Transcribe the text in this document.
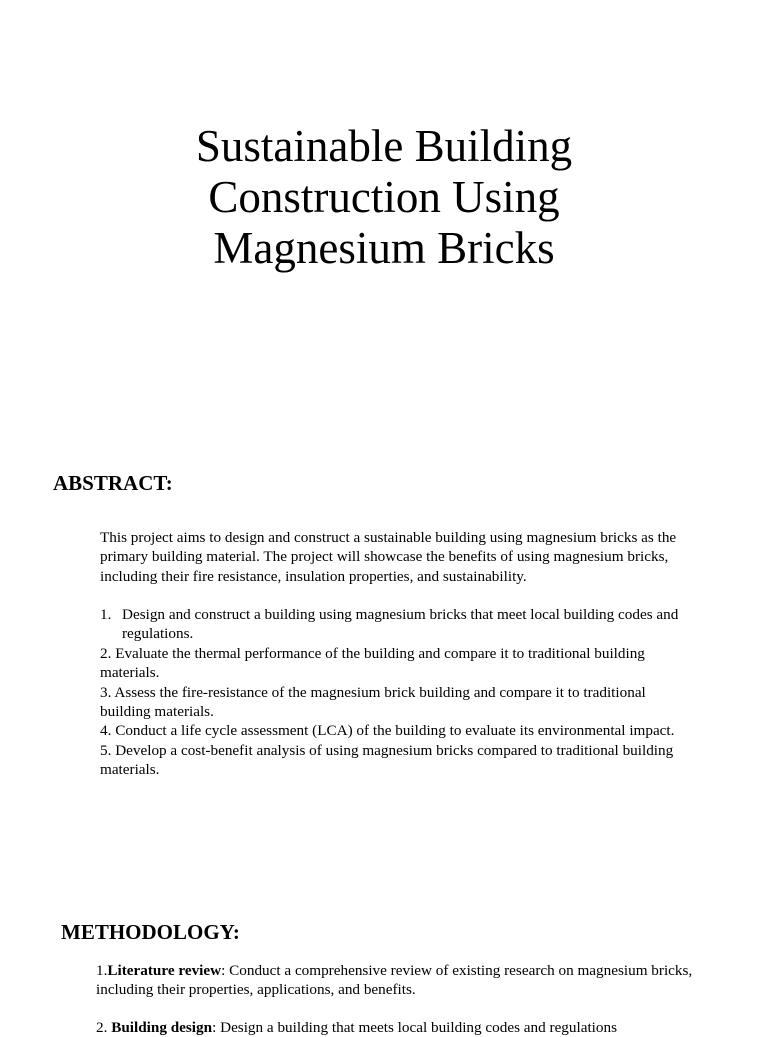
Sustainable Building
Construction Using
Magnesium Bricks
ABSTRACT:

This project aims to design and construct a sustainable building using magnesium bricks as the primary building material. The project will showcase the benefits of using magnesium bricks, including their fire resistance, insulation properties, and sustainability.

1. Design and construct a building using magnesium bricks that meet local building codes and regulations.
2. Evaluate the thermal performance of the building and compare it to traditional building materials.
3. Assess the fire-resistance of the magnesium brick building and compare it to traditional building materials.
4. Conduct a life cycle assessment (LCA) of the building to evaluate its environmental impact.
5. Develop a cost-benefit analysis of using magnesium bricks compared to traditional building materials.
METHODOLOGY:

1.Literature review: Conduct a comprehensive review of existing research on magnesium bricks, including their properties, applications, and benefits.

2. Building design: Design a building that meets local building codes and regulations
